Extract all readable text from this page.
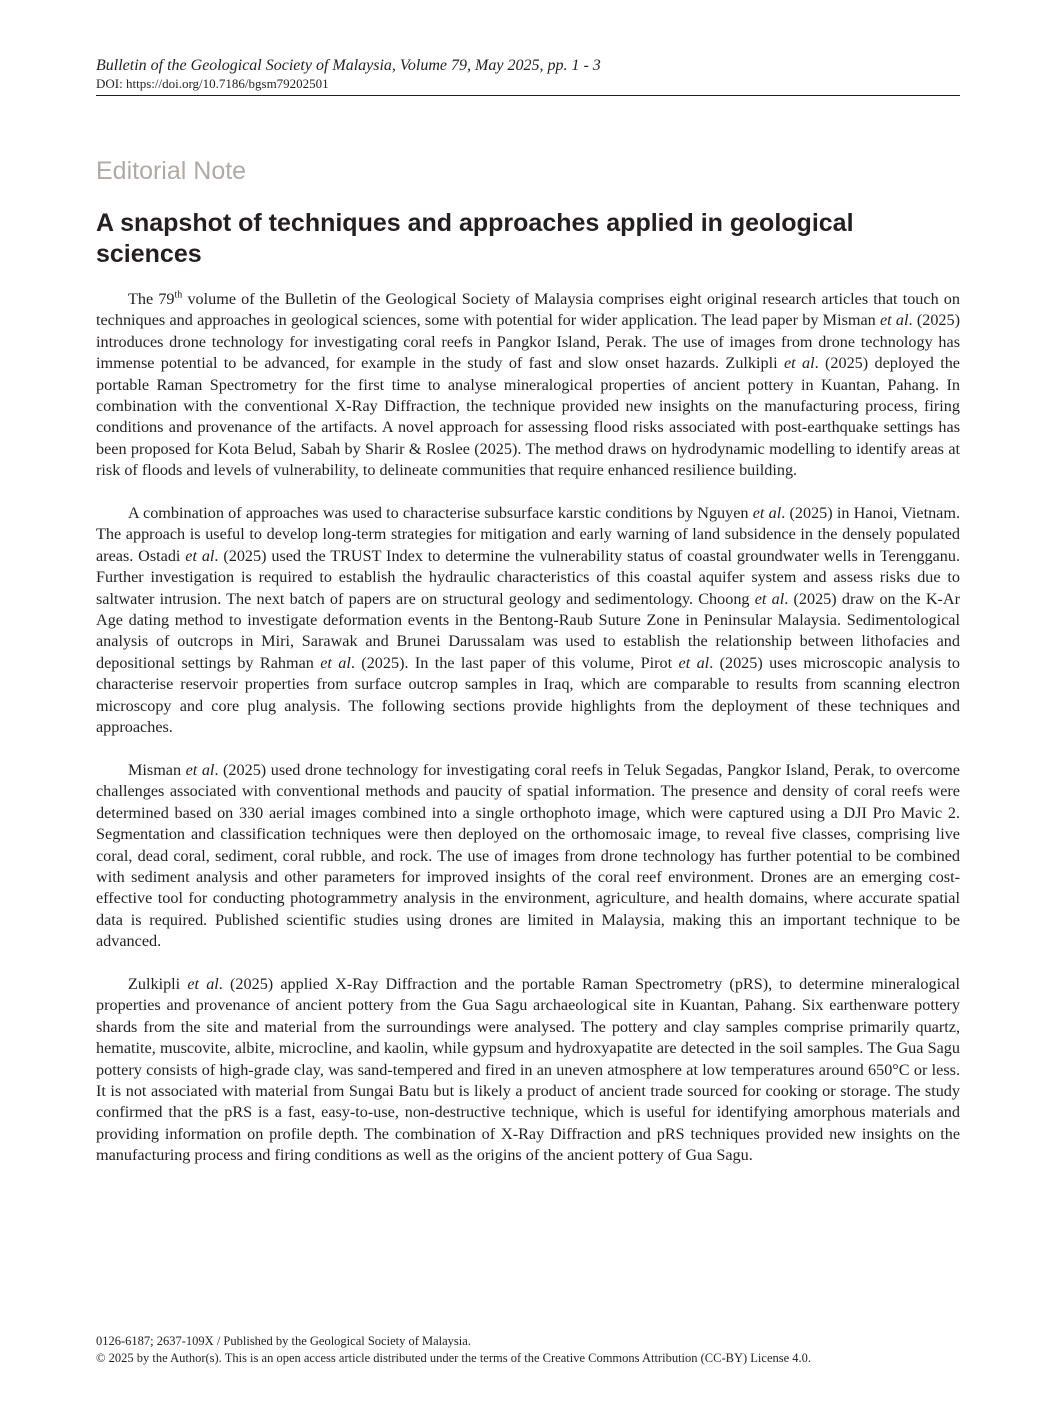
Bulletin of the Geological Society of Malaysia, Volume 79, May 2025, pp. 1 - 3
DOI: https://doi.org/10.7186/bgsm79202501
Editorial Note
A snapshot of techniques and approaches applied in geological sciences

The 79th volume of the Bulletin of the Geological Society of Malaysia comprises eight original research articles that touch on techniques and approaches in geological sciences, some with potential for wider application. The lead paper by Misman et al. (2025) introduces drone technology for investigating coral reefs in Pangkor Island, Perak. The use of images from drone technology has immense potential to be advanced, for example in the study of fast and slow onset hazards. Zulkipli et al. (2025) deployed the portable Raman Spectrometry for the first time to analyse mineralogical properties of ancient pottery in Kuantan, Pahang. In combination with the conventional X-Ray Diffraction, the technique provided new insights on the manufacturing process, firing conditions and provenance of the artifacts. A novel approach for assessing flood risks associated with post-earthquake settings has been proposed for Kota Belud, Sabah by Sharir & Roslee (2025). The method draws on hydrodynamic modelling to identify areas at risk of floods and levels of vulnerability, to delineate communities that require enhanced resilience building.

A combination of approaches was used to characterise subsurface karstic conditions by Nguyen et al. (2025) in Hanoi, Vietnam. The approach is useful to develop long-term strategies for mitigation and early warning of land subsidence in the densely populated areas. Ostadi et al. (2025) used the TRUST Index to determine the vulnerability status of coastal groundwater wells in Terengganu. Further investigation is required to establish the hydraulic characteristics of this coastal aquifer system and assess risks due to saltwater intrusion. The next batch of papers are on structural geology and sedimentology. Choong et al. (2025) draw on the K-Ar Age dating method to investigate deformation events in the Bentong-Raub Suture Zone in Peninsular Malaysia. Sedimentological analysis of outcrops in Miri, Sarawak and Brunei Darussalam was used to establish the relationship between lithofacies and depositional settings by Rahman et al. (2025). In the last paper of this volume, Pirot et al. (2025) uses microscopic analysis to characterise reservoir properties from surface outcrop samples in Iraq, which are comparable to results from scanning electron microscopy and core plug analysis. The following sections provide highlights from the deployment of these techniques and approaches.

Misman et al. (2025) used drone technology for investigating coral reefs in Teluk Segadas, Pangkor Island, Perak, to overcome challenges associated with conventional methods and paucity of spatial information. The presence and density of coral reefs were determined based on 330 aerial images combined into a single orthophoto image, which were captured using a DJI Pro Mavic 2. Segmentation and classification techniques were then deployed on the orthomosaic image, to reveal five classes, comprising live coral, dead coral, sediment, coral rubble, and rock. The use of images from drone technology has further potential to be combined with sediment analysis and other parameters for improved insights of the coral reef environment. Drones are an emerging cost-effective tool for conducting photogrammetry analysis in the environment, agriculture, and health domains, where accurate spatial data is required. Published scientific studies using drones are limited in Malaysia, making this an important technique to be advanced.

Zulkipli et al. (2025) applied X-Ray Diffraction and the portable Raman Spectrometry (pRS), to determine mineralogical properties and provenance of ancient pottery from the Gua Sagu archaeological site in Kuantan, Pahang. Six earthenware pottery shards from the site and material from the surroundings were analysed. The pottery and clay samples comprise primarily quartz, hematite, muscovite, albite, microcline, and kaolin, while gypsum and hydroxyapatite are detected in the soil samples. The Gua Sagu pottery consists of high-grade clay, was sand-tempered and fired in an uneven atmosphere at low temperatures around 650°C or less. It is not associated with material from Sungai Batu but is likely a product of ancient trade sourced for cooking or storage. The study confirmed that the pRS is a fast, easy-to-use, non-destructive technique, which is useful for identifying amorphous materials and providing information on profile depth. The combination of X-Ray Diffraction and pRS techniques provided new insights on the manufacturing process and firing conditions as well as the origins of the ancient pottery of Gua Sagu.

0126-6187; 2637-109X / Published by the Geological Society of Malaysia.
© 2025 by the Author(s). This is an open access article distributed under the terms of the Creative Commons Attribution (CC-BY) License 4.0.
